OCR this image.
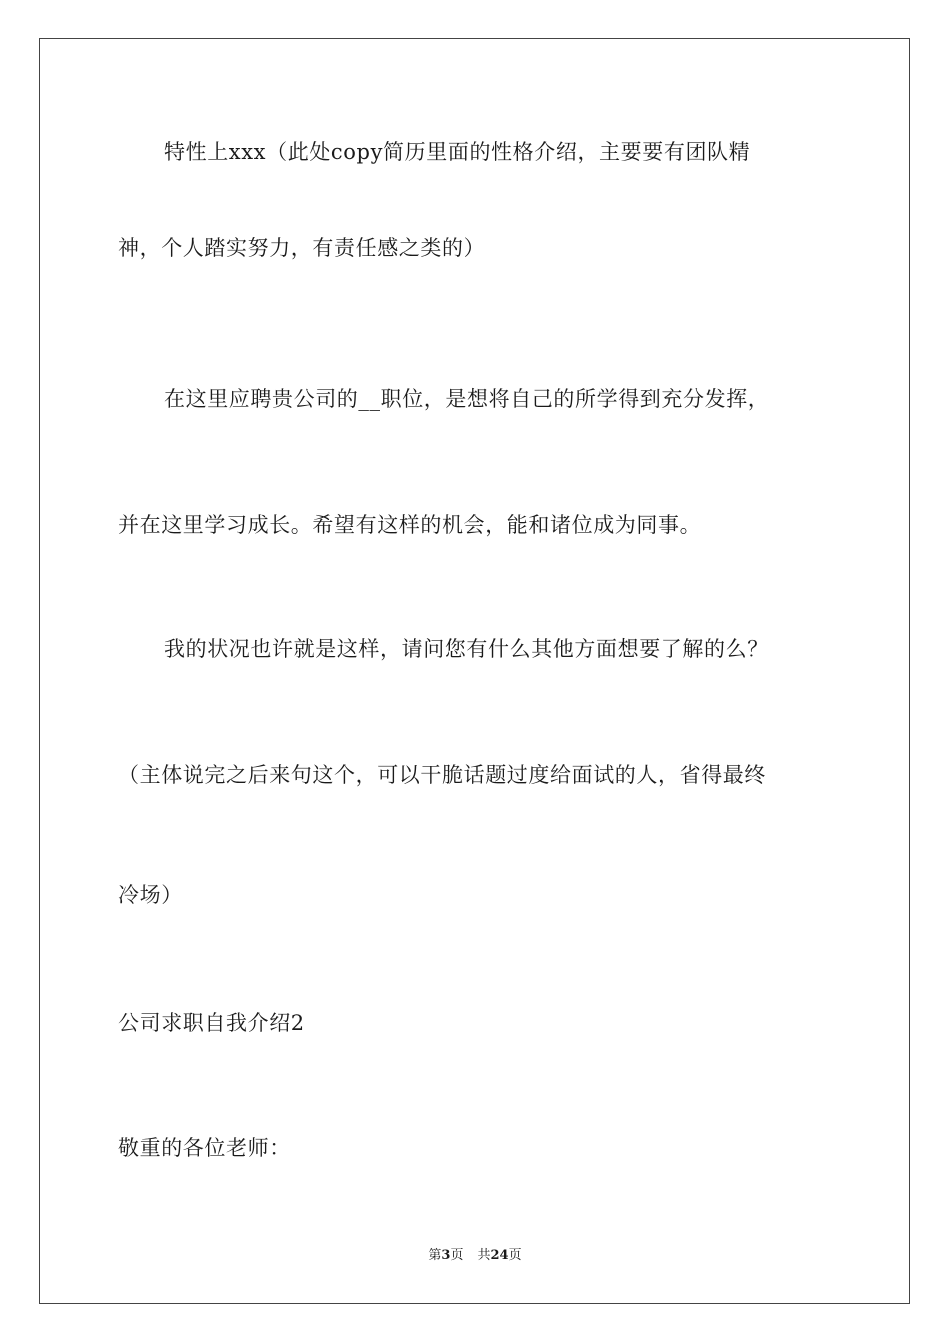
特性上xxx（此处copy简历里面的性格介绍，主要要有团队精
神，个人踏实努力，有责任感之类的）
在这里应聘贵公司的__职位，是想将自己的所学得到充分发挥，
并在这里学习成长。希望有这样的机会，能和诸位成为同事。
我的状况也许就是这样，请问您有什么其他方面想要了解的么？
（主体说完之后来句这个，可以干脆话题过度给面试的人，省得最终
冷场）
公司求职自我介绍2
敬重的各位老师：
第3页 共24页
